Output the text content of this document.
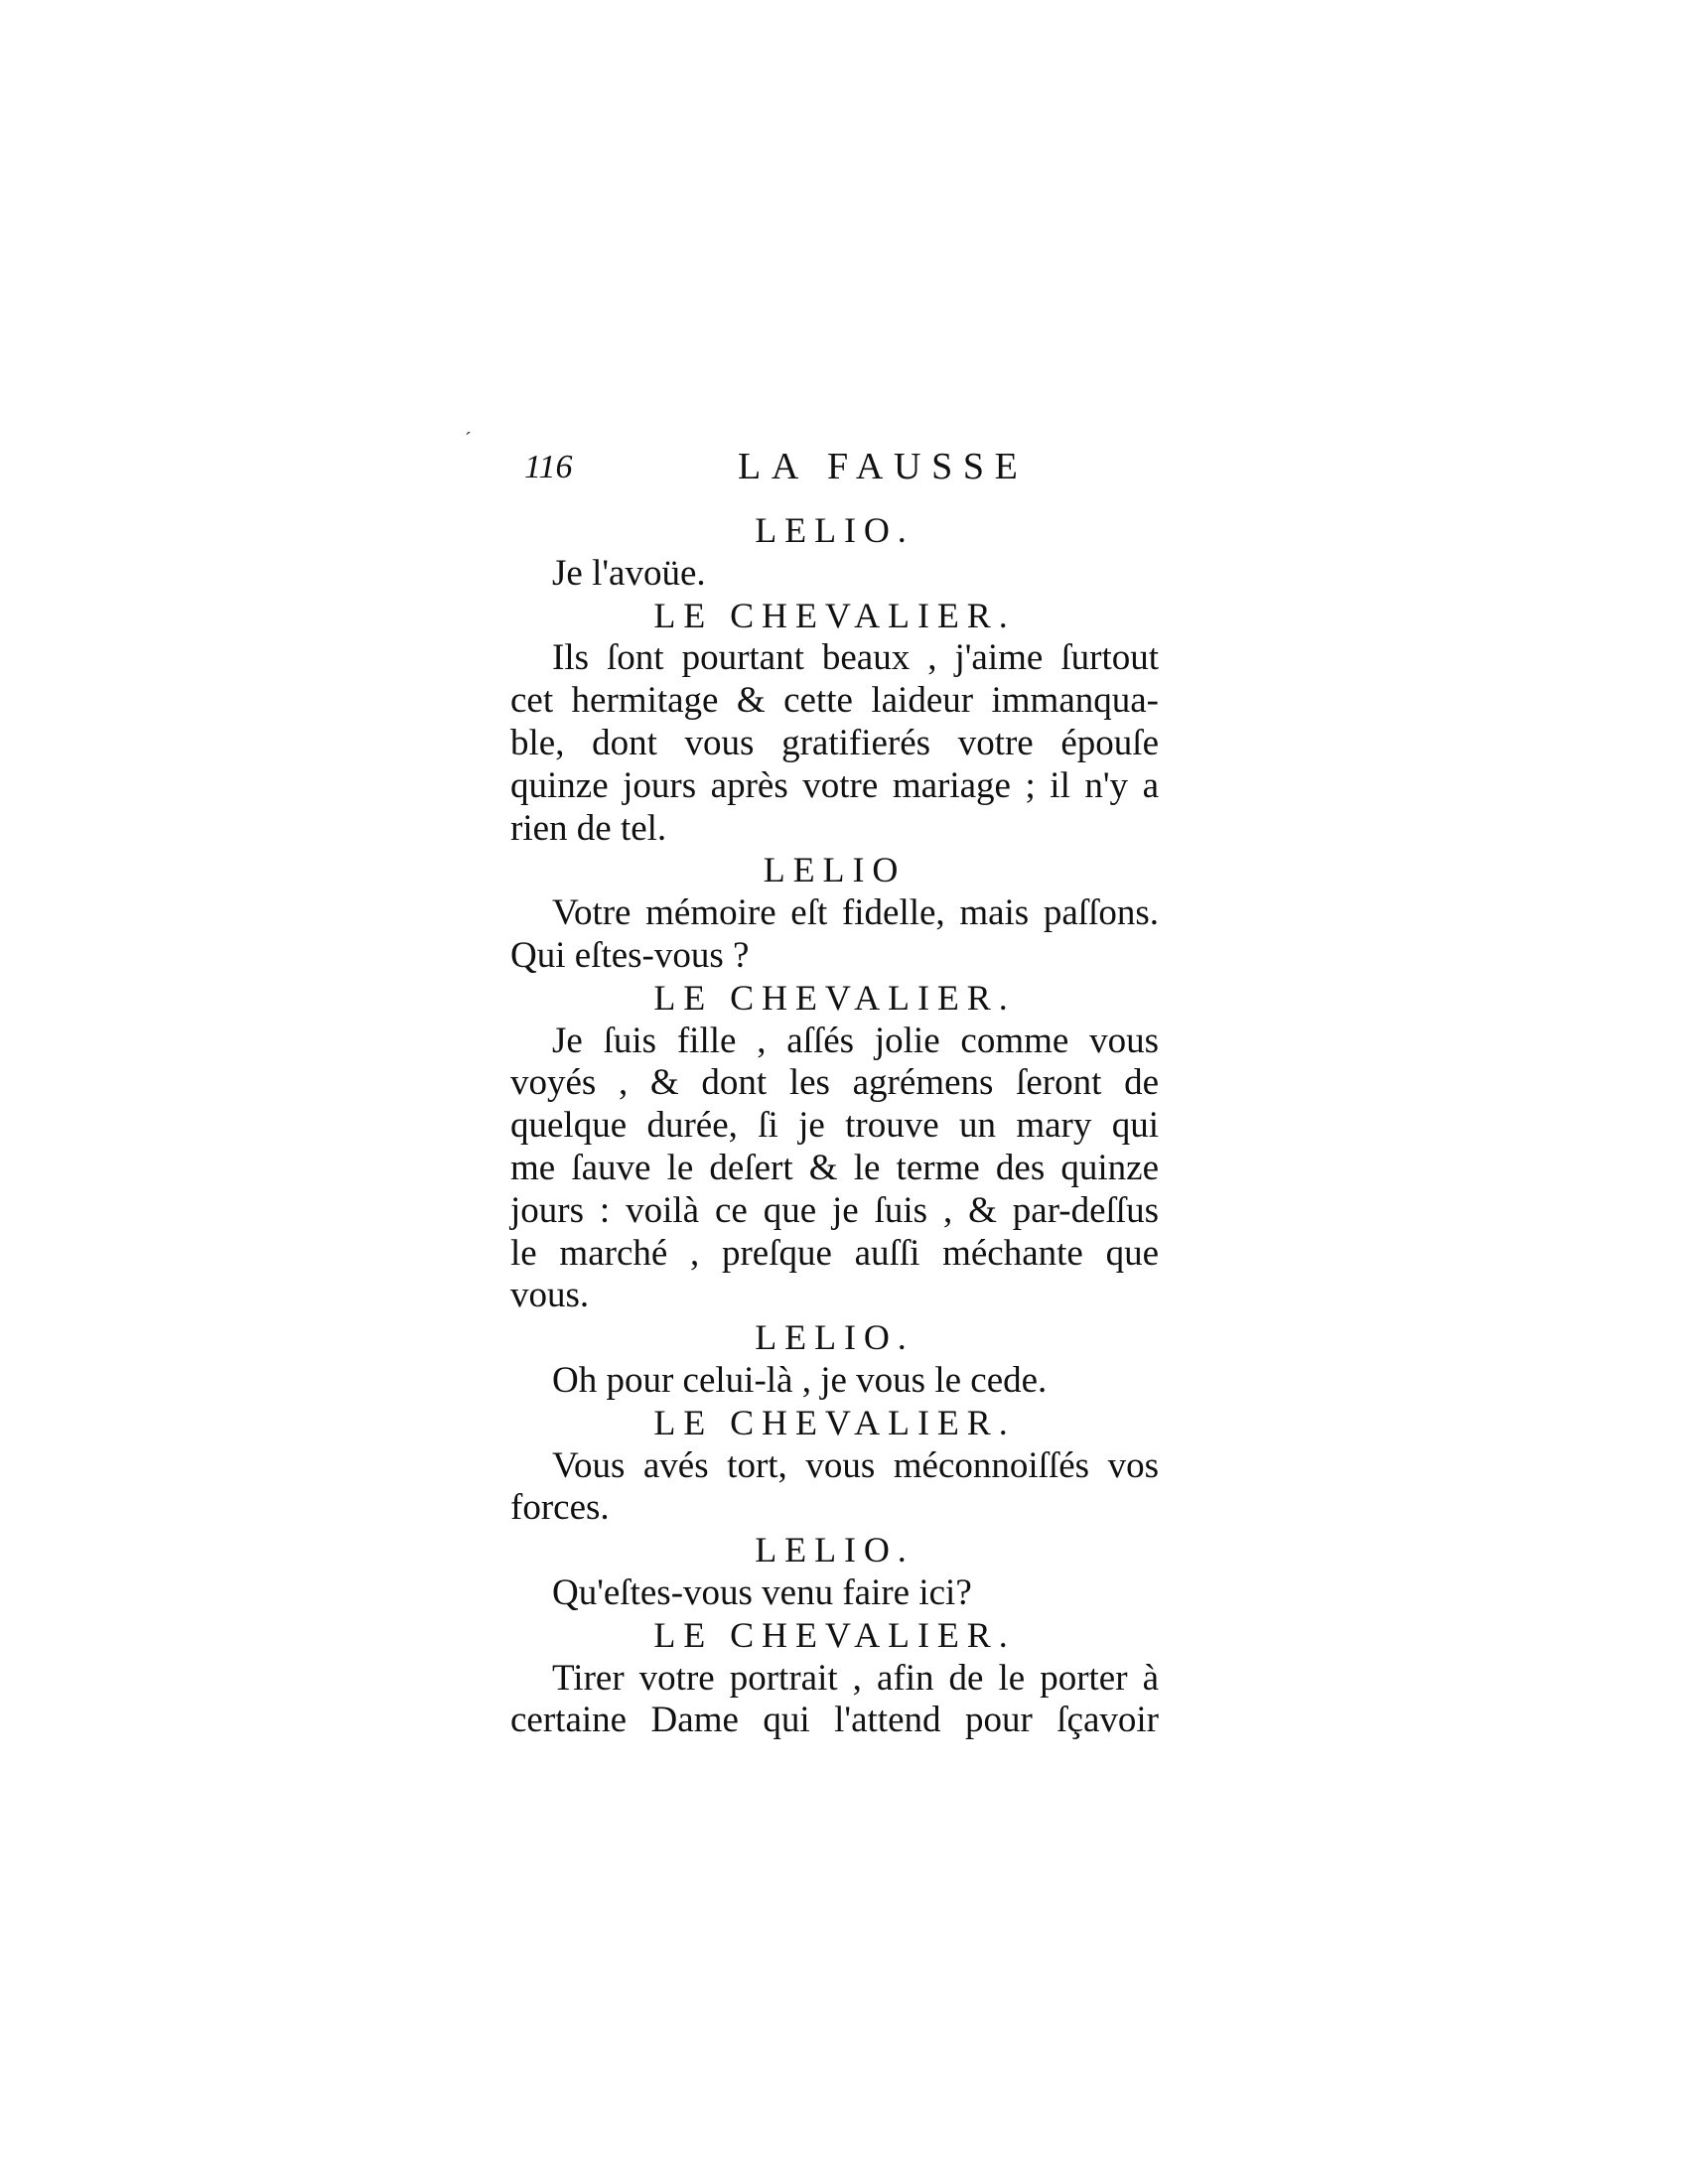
116	LA FAUSSE
LELIO.
Je l'avoüe.
LE CHEVALIER.
Ils ſont pourtant beaux , j'aime ſurtout
cet hermitage & cette laideur immanqua-
ble, dont vous gratifierés votre épouſe
quinze jours après votre mariage ; il n'y a
rien de tel.
LELIO
Votre mémoire eſt fidelle, mais paſſons.
Qui eſtes-vous ?
LE CHEVALIER.
Je ſuis fille , aſſés jolie comme vous
voyés , & dont les agrémens ſeront de
quelque durée, ſi je trouve un mary qui
me ſauve le deſert & le terme des quinze
jours : voilà ce que je ſuis , & par-deſſus
le marché , preſque auſſi méchante que
vous.
LELIO.
Oh pour celui-là , je vous le cede.
LE CHEVALIER.
Vous avés tort, vous méconnoiſſés vos
forces.
LELIO.
Qu'eſtes-vous venu faire ici?
LE CHEVALIER.
Tirer votre portrait , afin de le porter à
certaine Dame qui l'attend pour ſçavoir
ˊ
